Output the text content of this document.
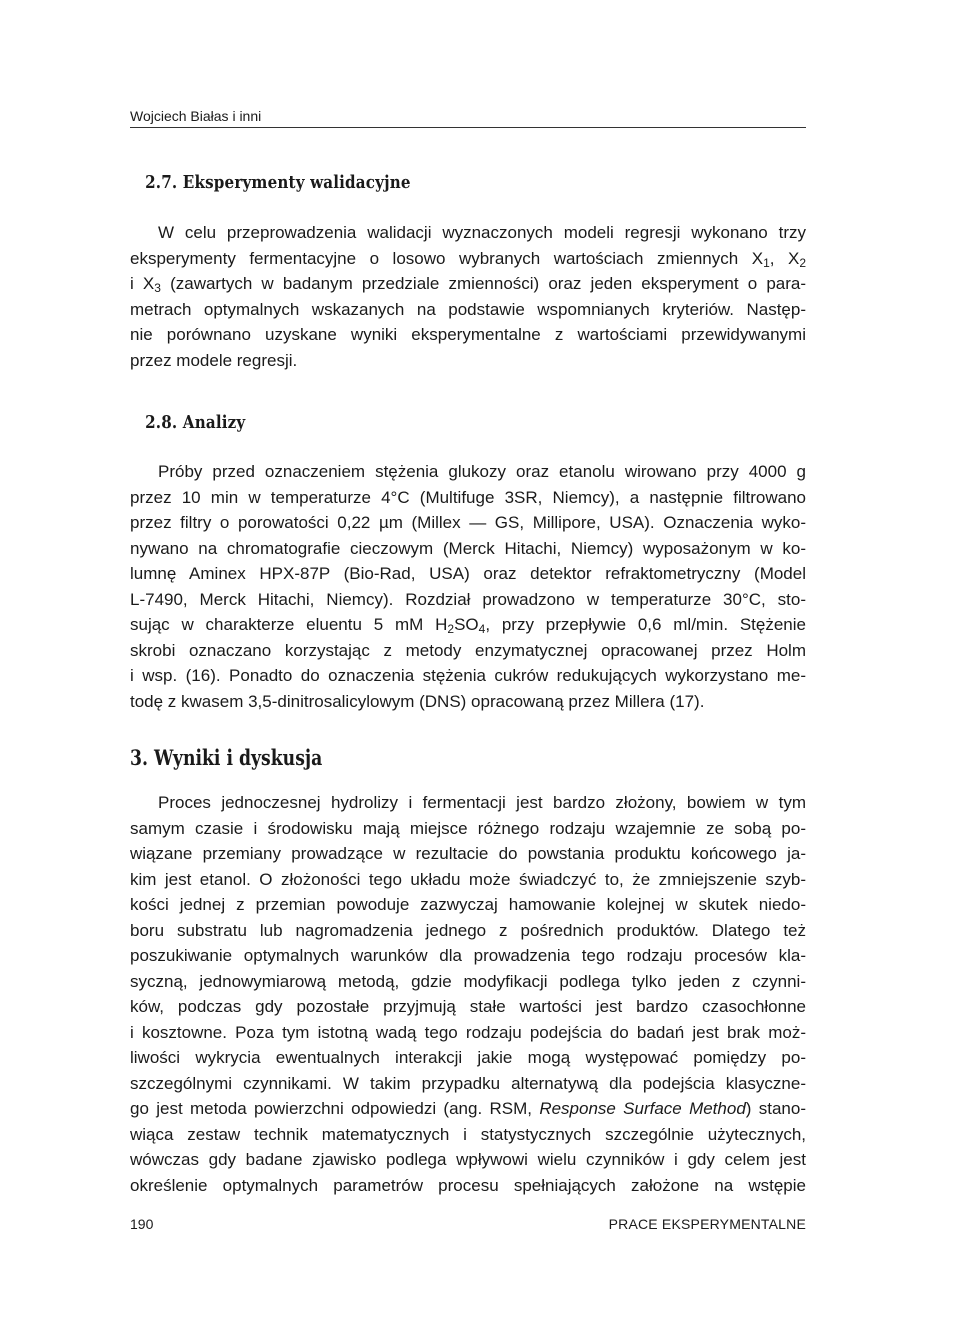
Wojciech Białas i inni
2.7. Eksperymenty walidacyjne

W celu przeprowadzenia walidacji wyznaczonych modeli regresji wykonano trzy
eksperymenty fermentacyjne o losowo wybranych wartościach zmiennych $X_1$, $X_2$
i $X_3$ (zawartych w badanym przedziale zmienności) oraz jeden eksperyment o para-
metrach optymalnych wskazanych na podstawie wspomnianych kryteriów. Następ-
nie porównano uzyskane wyniki eksperymentalne z wartościami przewidywanymi
przez modele regresji.

2.8. Analizy

Próby przed oznaczeniem stężenia glukozy oraz etanolu wirowano przy 4000 g
przez 10 min w temperaturze 4°C (Multifuge 3SR, Niemcy), a następnie filtrowano
przez filtry o porowatości 0,22 µm (Millex — GS, Millipore, USA). Oznaczenia wyko-
nywano na chromatografie cieczowym (Merck Hitachi, Niemcy) wyposażonym w ko-
lumnę Aminex HPX-87P (Bio-Rad, USA) oraz detektor refraktometryczny (Model
L-7490, Merck Hitachi, Niemcy). Rozdział prowadzono w temperaturze 30°C, sto-
sując w charakterze eluentu 5 mM $H_2SO_4$, przy przepływie 0,6 ml/min. Stężenie
skrobi oznaczano korzystając z metody enzymatycznej opracowanej przez Holm
i wsp. (16). Ponadto do oznaczenia stężenia cukrów redukujących wykorzystano me-
todę z kwasem 3,5-dinitrosalicylowym (DNS) opracowaną przez Millera (17).

3. Wyniki i dyskusja

Proces jednoczesnej hydrolizy i fermentacji jest bardzo złożony, bowiem w tym
samym czasie i środowisku mają miejsce różnego rodzaju wzajemnie ze sobą po-
wiązane przemiany prowadzące w rezultacie do powstania produktu końcowego ja-
kim jest etanol. O złożoności tego układu może świadczyć to, że zmniejszenie szyb-
kości jednej z przemian powoduje zazwyczaj hamowanie kolejnej w skutek niedo-
boru substratu lub nagromadzenia jednego z pośrednich produktów. Dlatego też
poszukiwanie optymalnych warunków dla prowadzenia tego rodzaju procesów kla-
syczną, jednowymiarową metodą, gdzie modyfikacji podlega tylko jeden z czynni-
ków, podczas gdy pozostałe przyjmują stałe wartości jest bardzo czasochłonne
i kosztowne. Poza tym istotną wadą tego rodzaju podejścia do badań jest brak moż-
liwości wykrycia ewentualnych interakcji jakie mogą występować pomiędzy po-
szczególnymi czynnikami. W takim przypadku alternatywą dla podejścia klasyczne-
go jest metoda powierzchni odpowiedzi (ang. RSM, Response Surface Method) stano-
wiąca zestaw technik matematycznych i statystycznych szczególnie użytecznych,
wówczas gdy badane zjawisko podlega wpływowi wielu czynników i gdy celem jest
określenie optymalnych parametrów procesu spełniających założone na wstępie

190	PRACE EKSPERYMENTALNE
